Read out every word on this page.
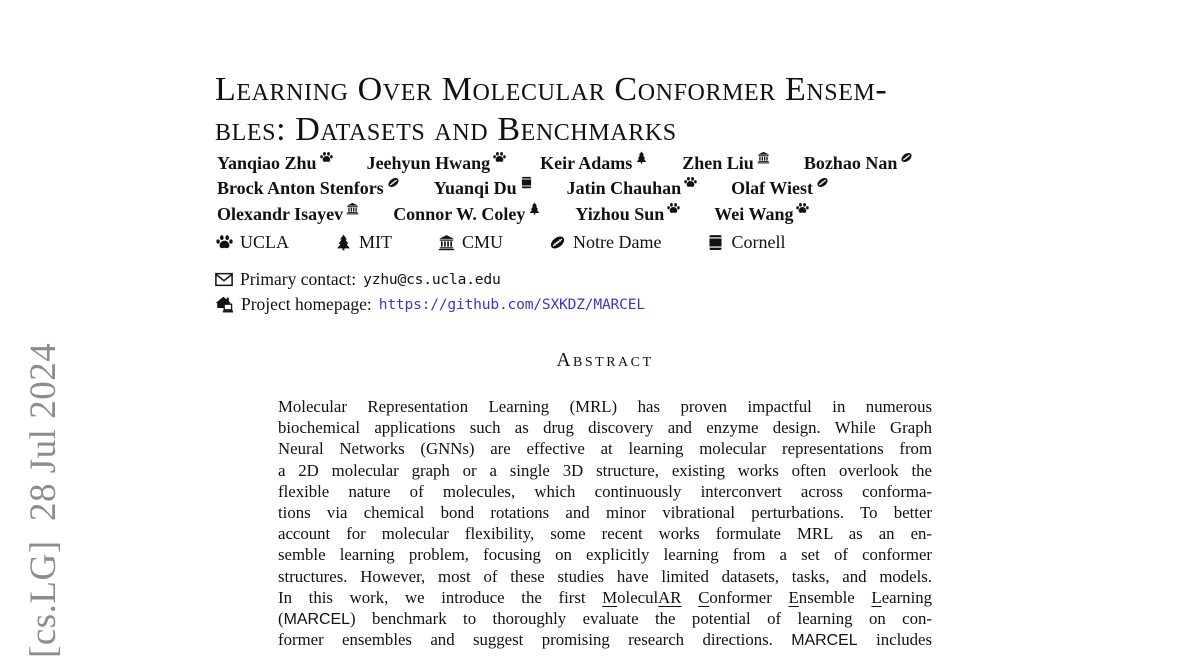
[cs.LG]  28 Jul 2024
Learning Over Molecular Conformer Ensem-
bles: Datasets and Benchmarks
Yanqiao Zhu	Jeehyun Hwang	Keir Adams	Zhen Liu	Bozhao Nan
Brock Anton Stenfors	Yuanqi Du	Jatin Chauhan	Olaf Wiest
Olexandr Isayev	Connor W. Coley	Yizhou Sun	Wei Wang
UCLA	MIT	CMU	Notre Dame	Cornell
Primary contact: yzhu@cs.ucla.edu
Project homepage: https://github.com/SXKDZ/MARCEL
Abstract
Molecular Representation Learning (MRL) has proven impactful in numerous
biochemical applications such as drug discovery and enzyme design. While Graph
Neural Networks (GNNs) are effective at learning molecular representations from
a 2D molecular graph or a single 3D structure, existing works often overlook the
flexible nature of molecules, which continuously interconvert across conforma-
tions via chemical bond rotations and minor vibrational perturbations. To better
account for molecular flexibility, some recent works formulate MRL as an en-
semble learning problem, focusing on explicitly learning from a set of conformer
structures. However, most of these studies have limited datasets, tasks, and models.
In this work, we introduce the first MoleculAR Conformer Ensemble Learning
(MARCEL) benchmark to thoroughly evaluate the potential of learning on con-
former ensembles and suggest promising research directions. MARCEL includes
